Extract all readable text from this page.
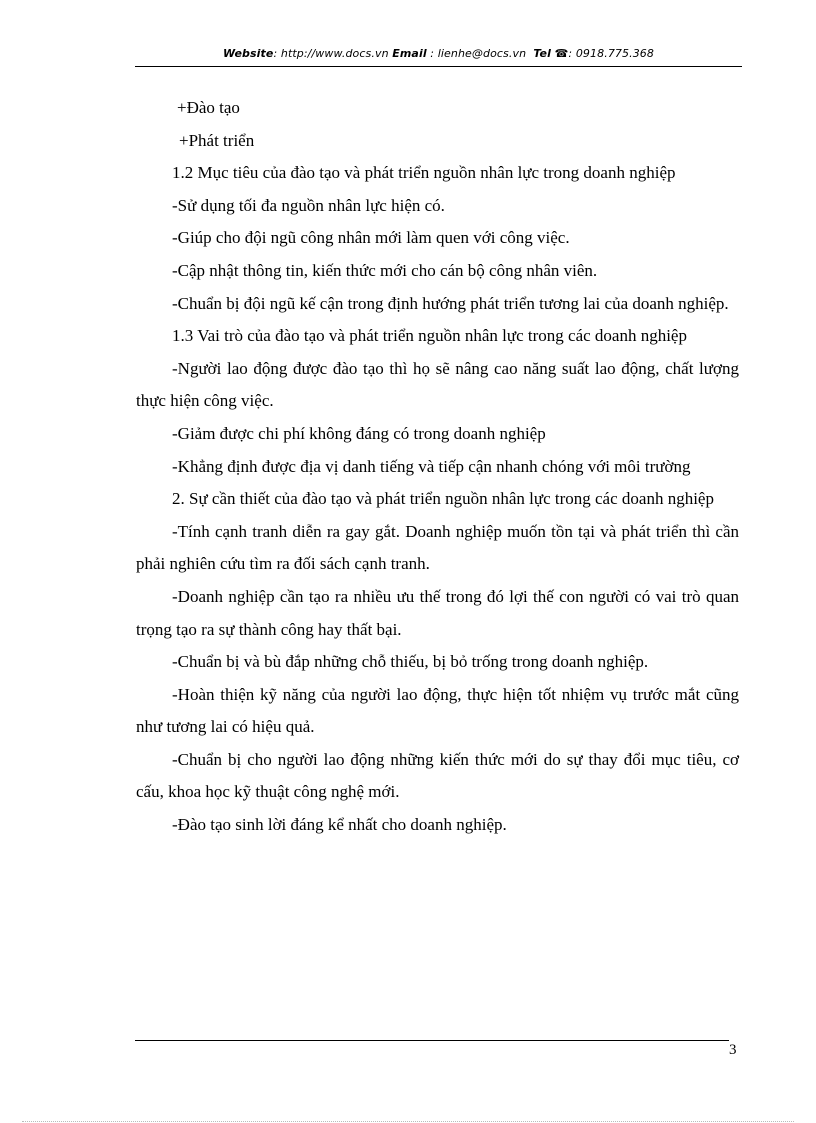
Website: http://www.docs.vn Email : lienhe@docs.vn Tel ☎: 0918.775.368

+Đào tạo

+Phát triển

1.2 Mục tiêu của đào tạo và phát triển nguồn nhân lực trong doanh nghiệp

-Sử dụng tối đa nguồn nhân lực hiện có.

-Giúp cho đội ngũ công nhân mới làm quen với công việc.

-Cập nhật thông tin, kiến thức mới cho cán bộ công nhân viên.

-Chuẩn bị đội ngũ kế cận trong định hướng phát triển tương lai của doanh nghiệp.

1.3 Vai trò của đào tạo và phát triển nguồn nhân lực trong các doanh nghiệp

-Người lao động được đào tạo thì họ sẽ nâng cao năng suất lao động, chất lượng thực hiện công việc.

-Giảm được chi phí không đáng có trong doanh nghiệp

-Khẳng định được địa vị danh tiếng và tiếp cận nhanh chóng với môi trường

2. Sự cần thiết của đào tạo và phát triển nguồn nhân lực trong các doanh nghiệp

-Tính cạnh tranh diễn ra gay gắt. Doanh nghiệp muốn tồn tại và phát triển thì cần phải nghiên cứu tìm ra đối sách cạnh tranh.

-Doanh nghiệp cần tạo ra nhiều ưu thế trong đó lợi thế con người có vai trò quan trọng tạo ra sự thành công hay thất bại.

-Chuẩn bị và bù đắp những chỗ thiếu, bị bỏ trống trong doanh nghiệp.

-Hoàn thiện kỹ năng của người lao động, thực hiện tốt nhiệm vụ trước mắt cũng như tương lai có hiệu quả.

-Chuẩn bị cho người lao động những kiến thức mới do sự thay đổi mục tiêu, cơ cấu, khoa học kỹ thuật công nghệ mới.

-Đào tạo sinh lời đáng kể nhất cho doanh nghiệp.

3
